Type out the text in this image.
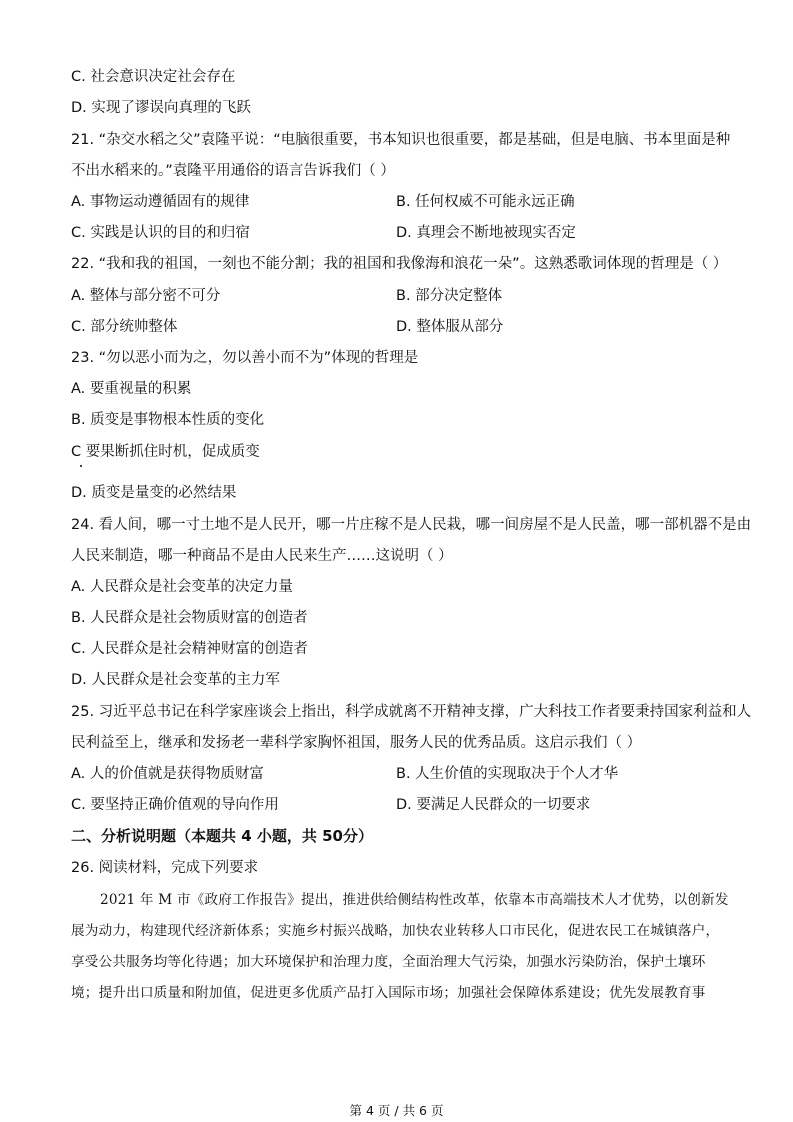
C. 社会意识决定社会存在
D. 实现了谬误向真理的飞跃
21. “杂交水稻之父”袁隆平说：“电脑很重要，书本知识也很重要，都是基础，但是电脑、书本里面是种
不出水稻来的。”袁隆平用通俗的语言告诉我们（ ）
A. 事物运动遵循固有的规律	B. 任何权威不可能永远正确
C. 实践是认识的目的和归宿	D. 真理会不断地被现实否定
22. “我和我的祖国，一刻也不能分割；我的祖国和我像海和浪花一朵”。这熟悉歌词体现的哲理是（ ）
A. 整体与部分密不可分	B. 部分决定整体
C. 部分统帅整体	D. 整体服从部分
23. “勿以恶小而为之，勿以善小而不为”体现的哲理是
A. 要重视量的积累
B. 质变是事物根本性质的变化
C 要果断抓住时机，促成质变
D. 质变是量变的必然结果
24. 看人间，哪一寸土地不是人民开，哪一片庄稼不是人民栽，哪一间房屋不是人民盖，哪一部机器不是由
人民来制造，哪一种商品不是由人民来生产……这说明（ ）
A. 人民群众是社会变革的决定力量
B. 人民群众是社会物质财富的创造者
C. 人民群众是社会精神财富的创造者
D. 人民群众是社会变革的主力军
25. 习近平总书记在科学家座谈会上指出，科学成就离不开精神支撑，广大科技工作者要秉持国家利益和人
民利益至上，继承和发扬老一辈科学家胸怀祖国，服务人民的优秀品质。这启示我们（ ）
A. 人的价值就是获得物质财富	B. 人生价值的实现取决于个人才华
C. 要坚持正确价值观的导向作用	D. 要满足人民群众的一切要求
二、分析说明题（本题共 4 小题，共 50分）
26. 阅读材料，完成下列要求
2021 年 M 市《政府工作报告》提出，推进供给侧结构性改革，依靠本市高端技术人才优势，以创新发
展为动力，构建现代经济新体系；实施乡村振兴战略，加快农业转移人口市民化，促进农民工在城镇落户，
享受公共服务均等化待遇；加大环境保护和治理力度，全面治理大气污染，加强水污染防治，保护土壤环
境；提升出口质量和附加值，促进更多优质产品打入国际市场；加强社会保障体系建设；优先发展教育事
第 4 页 / 共 6 页
